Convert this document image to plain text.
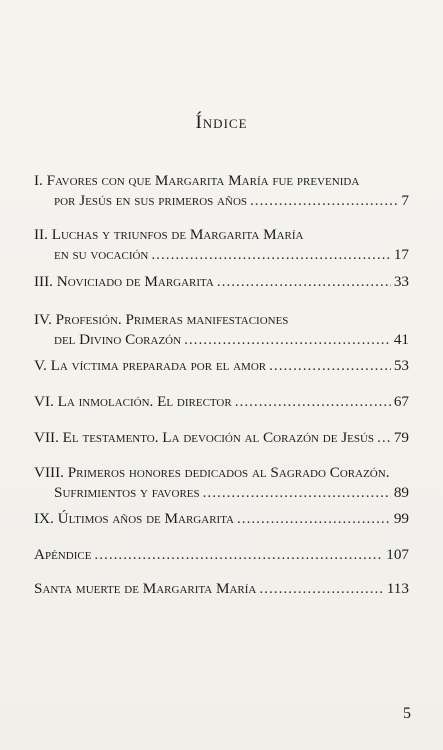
Índice
I. Favores con que Margarita María fue prevenida
por Jesús en sus primeros años .....	7
II. Luchas y triunfos de Margarita María
en su vocación .....	17
III. Noviciado de Margarita .....	33
IV. Profesión. Primeras manifestaciones
del Divino Corazón .....	41
V. La víctima preparada por el amor .....	53
VI. La inmolación. El director .....	67
VII. El testamento. La devoción al Corazón de Jesús ..... 79
VIII. Primeros honores dedicados al Sagrado Corazón.
Sufrimientos y favores .....	89
IX. Últimos años de Margarita .....	99
Apéndice .....	107
Santa muerte de Margarita María .....	113
5
